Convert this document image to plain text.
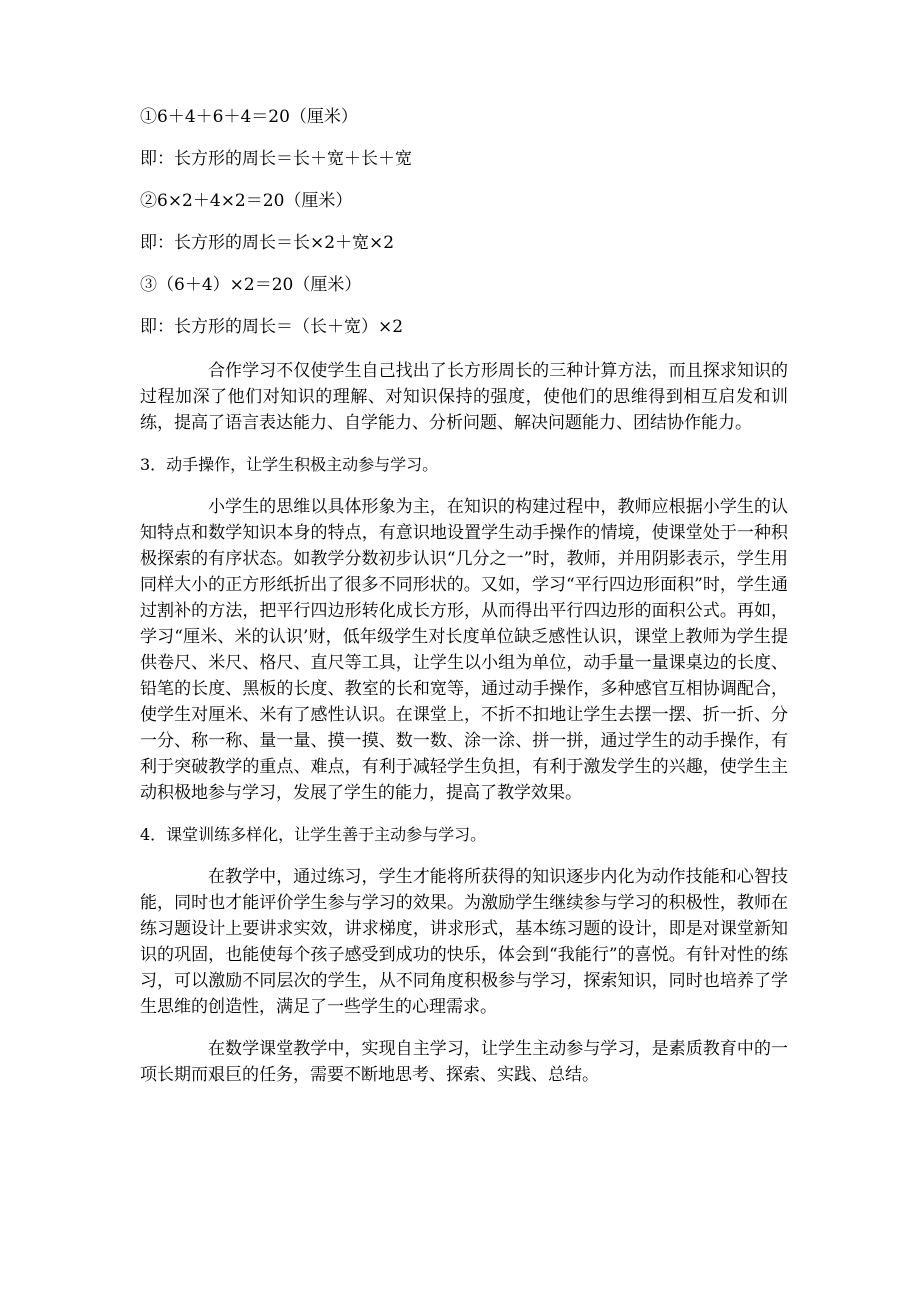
①6＋4＋6＋4＝20（厘米）
即：长方形的周长＝长＋宽＋长＋宽
②6×2＋4×2＝20（厘米）
即：长方形的周长＝长×2＋宽×2
③（6＋4）×2＝20（厘米）
即：长方形的周长＝（长＋宽）×2

合作学习不仅使学生自己找出了长方形周长的三种计算方法，而且探求知识的过程加深了他们对知识的理解、对知识保持的强度，使他们的思维得到相互启发和训练，提高了语言表达能力、自学能力、分析问题、解决问题能力、团结协作能力。

3．动手操作，让学生积极主动参与学习。

小学生的思维以具体形象为主，在知识的构建过程中，教师应根据小学生的认知特点和数学知识本身的特点，有意识地设置学生动手操作的情境，使课堂处于一种积极探索的有序状态。如教学分数初步认识“几分之一”时，教师，并用阴影表示，学生用同样大小的正方形纸折出了很多不同形状的。又如，学习“平行四边形面积”时，学生通过割补的方法，把平行四边形转化成长方形，从而得出平行四边形的面积公式。再如，学习“厘米、米的认识’财，低年级学生对长度单位缺乏感性认识，课堂上教师为学生提供卷尺、米尺、格尺、直尺等工具，让学生以小组为单位，动手量一量课桌边的长度、铅笔的长度、黑板的长度、教室的长和宽等，通过动手操作，多种感官互相协调配合，使学生对厘米、米有了感性认识。在课堂上，不折不扣地让学生去摆一摆、折一折、分一分、称一称、量一量、摸一摸、数一数、涂一涂、拼一拼，通过学生的动手操作，有利于突破教学的重点、难点，有利于减轻学生负担，有利于激发学生的兴趣，使学生主动积极地参与学习，发展了学生的能力，提高了教学效果。

4．课堂训练多样化，让学生善于主动参与学习。

在教学中，通过练习，学生才能将所获得的知识逐步内化为动作技能和心智技能，同时也才能评价学生参与学习的效果。为激励学生继续参与学习的积极性，教师在练习题设计上要讲求实效，讲求梯度，讲求形式，基本练习题的设计，即是对课堂新知识的巩固，也能使每个孩子感受到成功的快乐，体会到“我能行”的喜悦。有针对性的练习，可以激励不同层次的学生，从不同角度积极参与学习，探索知识，同时也培养了学生思维的创造性，满足了一些学生的心理需求。

在数学课堂教学中，实现自主学习，让学生主动参与学习，是素质教育中的一项长期而艰巨的任务，需要不断地思考、探索、实践、总结。
